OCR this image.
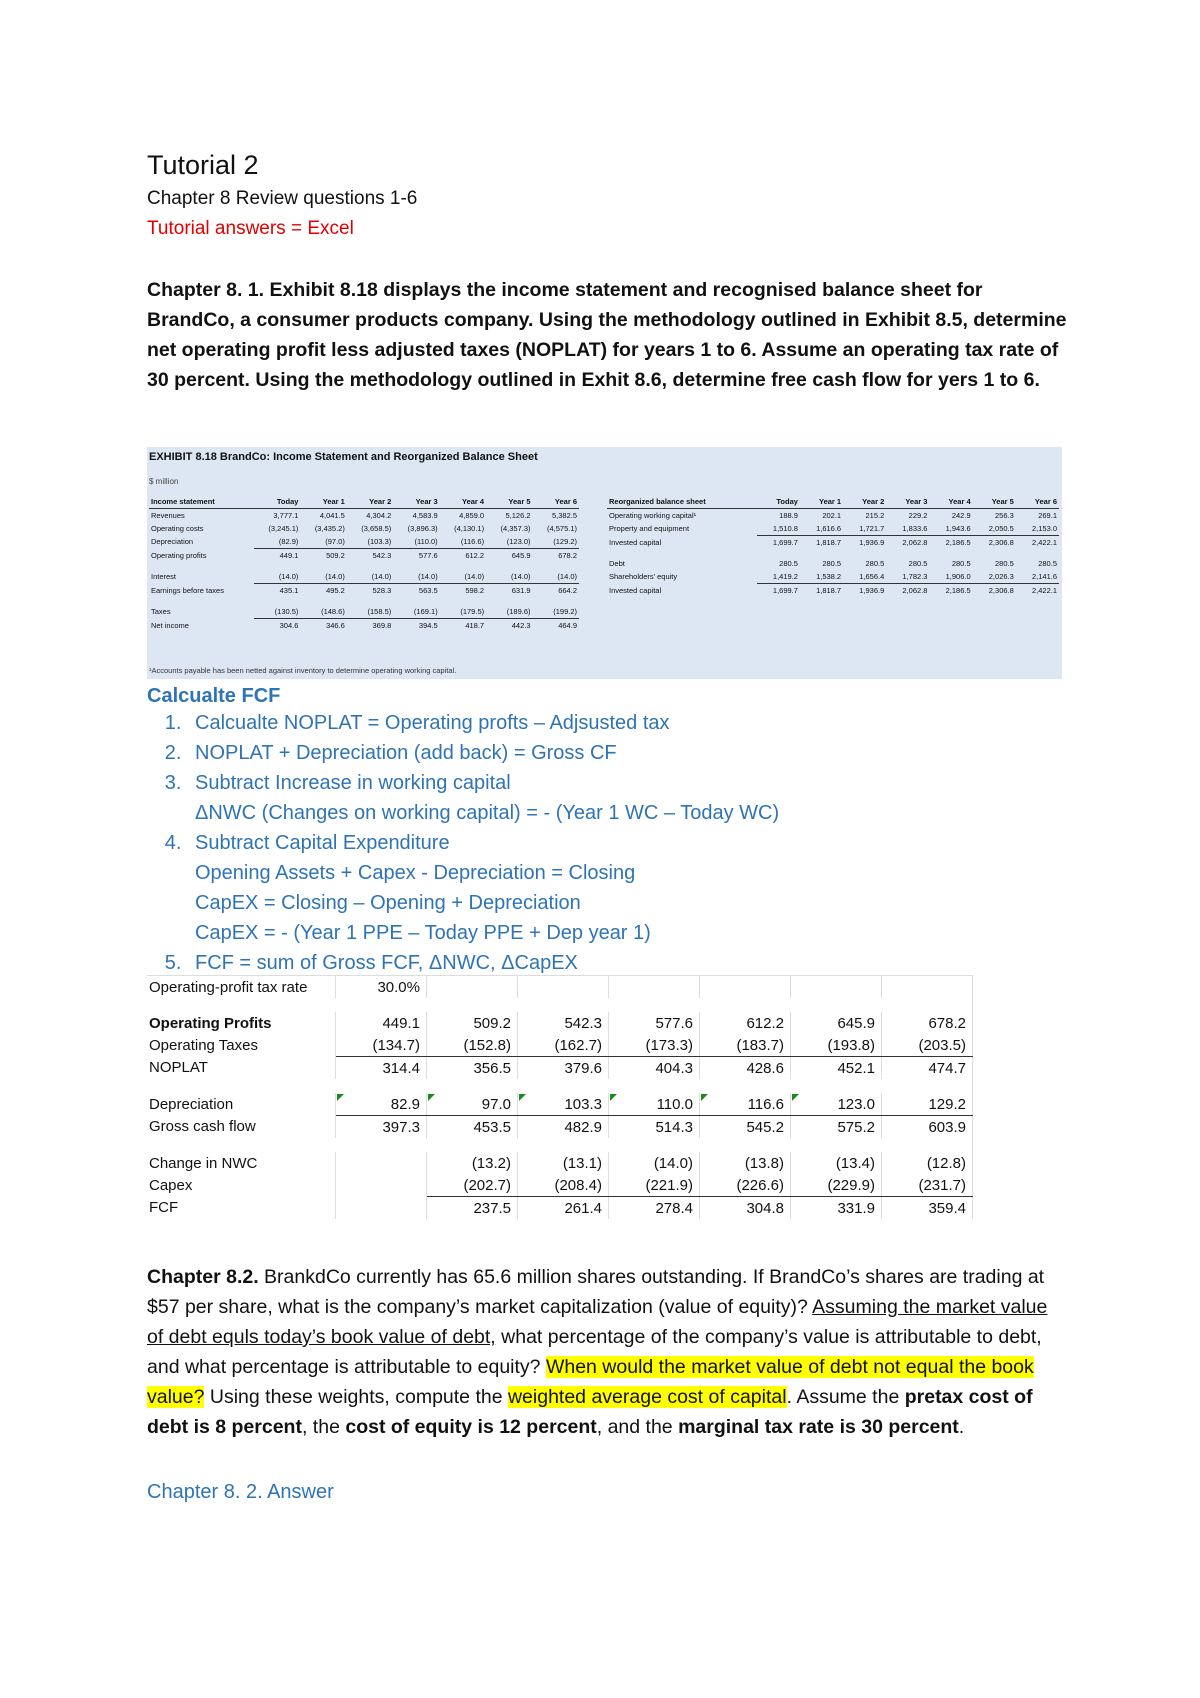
Tutorial 2
Chapter 8 Review questions 1-6
Tutorial answers = Excel
Chapter 8. 1. Exhibit 8.18 displays the income statement and recognised balance sheet for BrandCo, a consumer products company. Using the methodology outlined in Exhibit 8.5, determine net operating profit less adjusted taxes (NOPLAT) for years 1 to 6. Assume an operating tax rate of 30 percent. Using the methodology outlined in Exhit 8.6, determine free cash flow for yers 1 to 6.
EXHIBIT 8.18 BrandCo: Income Statement and Reorganized Balance Sheet
$ million
Income statement	Today	Year 1	Year 2	Year 3	Year 4	Year 5	Year 6
Revenues	3,777.1	4,041.5	4,304.2	4,583.9	4,859.0	5,126.2	5,382.5
Operating costs	(3,245.1)	(3,435.2)	(3,658.5)	(3,896.3)	(4,130.1)	(4,357.3)	(4,575.1)
Depreciation	(82.9)	(97.0)	(103.3)	(110.0)	(116.6)	(123.0)	(129.2)
Operating profits	449.1	509.2	542.3	577.6	612.2	645.9	678.2

Interest	(14.0)	(14.0)	(14.0)	(14.0)	(14.0)	(14.0)	(14.0)
Earnings before taxes	435.1	495.2	528.3	563.5	598.2	631.9	664.2

Taxes	(130.5)	(148.6)	(158.5)	(169.1)	(179.5)	(189.6)	(199.2)
Net income	304.6	346.6	369.8	394.5	418.7	442.3	464.9
Reorganized balance sheet	Today	Year 1	Year 2	Year 3	Year 4	Year 5	Year 6
Operating working capital¹	188.9	202.1	215.2	229.2	242.9	256.3	269.1
Property and equipment	1,510.8	1,616.6	1,721.7	1,833.6	1,943.6	2,050.5	2,153.0
Invested capital	1,699.7	1,818.7	1,936.9	2,062.8	2,186.5	2,306.8	2,422.1

Debt	280.5	280.5	280.5	280.5	280.5	280.5	280.5
Shareholders' equity	1,419.2	1,538.2	1,656.4	1,782.3	1,906.0	2,026.3	2,141.6
Invested capital	1,699.7	1,818.7	1,936.9	2,062.8	2,186.5	2,306.8	2,422.1
¹Accounts payable has been netted against inventory to determine operating working capital.
Calcualte FCF
1. Calcualte NOPLAT = Operating profts – Adjsusted tax
2. NOPLAT + Depreciation (add back) = Gross CF
3. Subtract Increase in working capital
ΔNWC (Changes on working capital) = - (Year 1 WC – Today WC)
4. Subtract Capital Expenditure
Opening Assets + Capex - Depreciation = Closing
CapEX = Closing – Opening + Depreciation
CapEX = - (Year 1 PPE – Today PPE + Dep year 1)
5. FCF = sum of Gross FCF, ΔNWC, ΔCapEX
Operating-profit tax rate	30.0%						

Operating Profits	449.1	509.2	542.3	577.6	612.2	645.9	678.2
Operating Taxes	(134.7)	(152.8)	(162.7)	(173.3)	(183.7)	(193.8)	(203.5)
NOPLAT	314.4	356.5	379.6	404.3	428.6	452.1	474.7

Depreciation	82.9	97.0	103.3	110.0	116.6	123.0	129.2
Gross cash flow	397.3	453.5	482.9	514.3	545.2	575.2	603.9

Change in NWC		(13.2)	(13.1)	(14.0)	(13.8)	(13.4)	(12.8)
Capex		(202.7)	(208.4)	(221.9)	(226.6)	(229.9)	(231.7)
FCF		237.5	261.4	278.4	304.8	331.9	359.4
Chapter 8.2. BrankdCo currently has 65.6 million shares outstanding. If BrandCo’s shares are trading at $57 per share, what is the company’s market capitalization (value of equity)? Assuming the market value of debt equls today’s book value of debt, what percentage of the company’s value is attributable to debt, and what percentage is attributable to equity? When would the market value of debt not equal the book value? Using these weights, compute the weighted average cost of capital. Assume the pretax cost of debt is 8 percent, the cost of equity is 12 percent, and the marginal tax rate is 30 percent.
Chapter 8. 2. Answer
